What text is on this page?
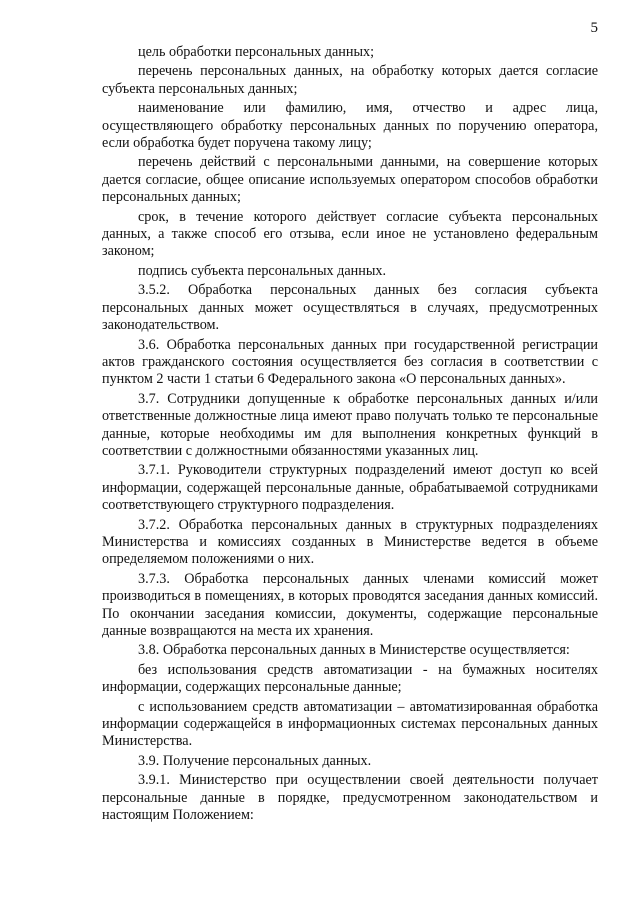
5

цель обработки персональных данных;

перечень персональных данных, на обработку которых дается согласие субъекта персональных данных;

наименование или фамилию, имя, отчество и адрес лица, осуществляющего обработку персональных данных по поручению оператора, если обработка будет поручена такому лицу;

перечень действий с персональными данными, на совершение которых дается согласие, общее описание используемых оператором способов обработки персональных данных;

срок, в течение которого действует согласие субъекта персональных данных, а также способ его отзыва, если иное не установлено федеральным законом;

подпись субъекта персональных данных.

3.5.2. Обработка персональных данных без согласия субъекта персональных данных может осуществляться в случаях, предусмотренных законодательством.

3.6. Обработка персональных данных при государственной регистрации актов гражданского состояния осуществляется без согласия в соответствии с пунктом 2 части 1 статьи 6 Федерального закона «О персональных данных».

3.7. Сотрудники допущенные к обработке персональных данных и/или ответственные должностные лица имеют право получать только те персональные данные, которые необходимы им для выполнения конкретных функций в соответствии с должностными обязанностями указанных лиц.

3.7.1. Руководители структурных подразделений имеют доступ ко всей информации, содержащей персональные данные, обрабатываемой сотрудниками соответствующего структурного подразделения.

3.7.2. Обработка персональных данных в структурных подразделениях Министерства и комиссиях созданных в Министерстве ведется в объеме определяемом положениями о них.

3.7.3. Обработка персональных данных членами комиссий может производиться в помещениях, в которых проводятся заседания данных комиссий. По окончании заседания комиссии, документы, содержащие персональные данные возвращаются на места их хранения.

3.8. Обработка персональных данных в Министерстве осуществляется:

без использования средств автоматизации - на бумажных носителях информации, содержащих персональные данные;

с использованием средств автоматизации – автоматизированная обработка информации содержащейся в информационных системах персональных данных Министерства.

3.9. Получение персональных данных.

3.9.1. Министерство при осуществлении своей деятельности получает персональные данные в порядке, предусмотренном законодательством и настоящим Положением:
